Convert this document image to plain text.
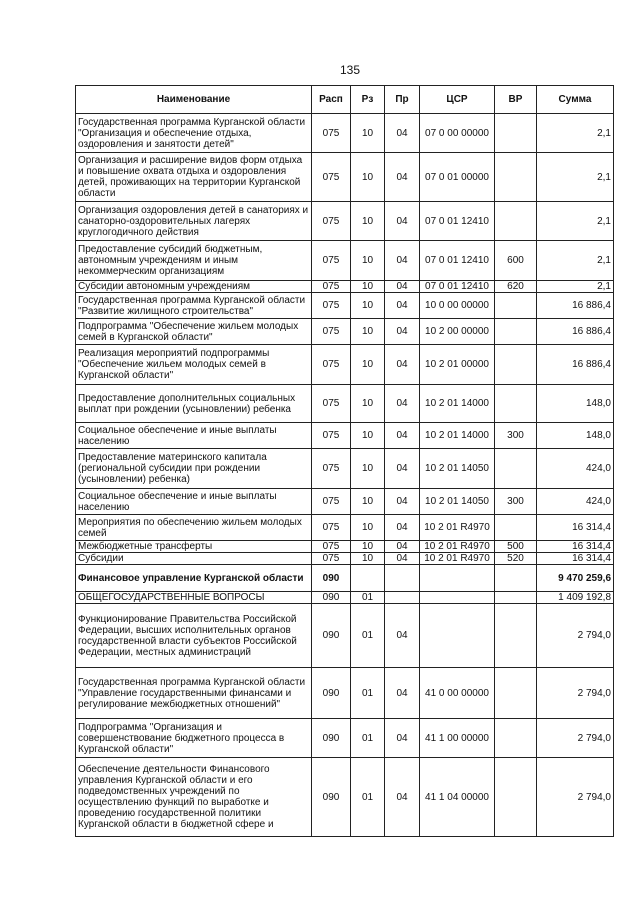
135
Наименование	Расп	Рз	Пр	ЦСР	ВР	Сумма
Государственная программа Курганской области "Организация и обеспечение отдыха, оздоровления и занятости детей"	075	10	04	07 0 00 00000		2,1
Организация и расширение видов форм отдыха и повышение охвата отдыха и оздоровления детей, проживающих на территории Курганской области	075	10	04	07 0 01 00000		2,1
Организация оздоровления детей в санаториях и санаторно-оздоровительных лагерях круглогодичного действия	075	10	04	07 0 01 12410		2,1
Предоставление субсидий бюджетным, автономным учреждениям и иным некоммерческим организациям	075	10	04	07 0 01 12410	600	2,1
Субсидии автономным учреждениям	075	10	04	07 0 01 12410	620	2,1
Государственная программа Курганской области "Развитие жилищного строительства"	075	10	04	10 0 00 00000		16 886,4
Подпрограмма "Обеспечение жильем молодых семей в Курганской области"	075	10	04	10 2 00 00000		16 886,4
Реализация мероприятий подпрограммы "Обеспечение жильем молодых семей в Курганской области"	075	10	04	10 2 01 00000		16 886,4
Предоставление дополнительных социальных выплат при рождении (усыновлении) ребенка	075	10	04	10 2 01 14000		148,0
Социальное обеспечение и иные выплаты населению	075	10	04	10 2 01 14000	300	148,0
Предоставление материнского капитала (региональной субсидии при рождении (усыновлении) ребенка)	075	10	04	10 2 01 14050		424,0
Социальное обеспечение и иные выплаты населению	075	10	04	10 2 01 14050	300	424,0
Мероприятия по обеспечению жильем молодых семей	075	10	04	10 2 01 R4970		16 314,4
Межбюджетные трансферты	075	10	04	10 2 01 R4970	500	16 314,4
Субсидии	075	10	04	10 2 01 R4970	520	16 314,4
Финансовое управление Курганской области	090					9 470 259,6
ОБЩЕГОСУДАРСТВЕННЫЕ ВОПРОСЫ	090	01				1 409 192,8
Функционирование Правительства Российской Федерации, высших исполнительных органов государственной власти субъектов Российской Федерации, местных администраций	090	01	04			2 794,0
Государственная программа Курганской области "Управление государственными финансами и регулирование межбюджетных отношений"	090	01	04	41 0 00 00000		2 794,0
Подпрограмма "Организация и совершенствование бюджетного процесса в Курганской области"	090	01	04	41 1 00 00000		2 794,0
Обеспечение деятельности Финансового управления Курганской области и его подведомственных учреждений по осуществлению функций по выработке и проведению государственной политики Курганской области в бюджетной сфере и	090	01	04	41 1 04 00000		2 794,0
